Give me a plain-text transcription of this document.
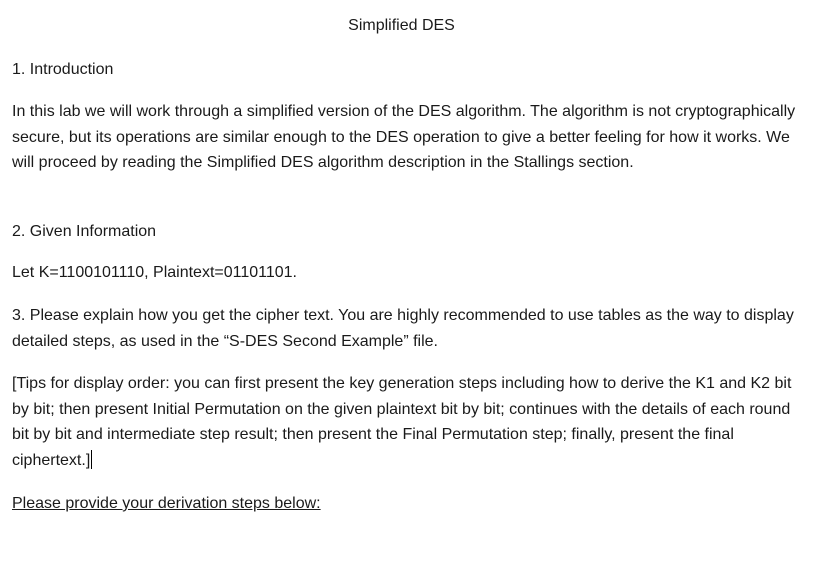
Simplified DES

1. Introduction

In this lab we will work through a simplified version of the DES algorithm. The algorithm is not cryptographically secure, but its operations are similar enough to the DES operation to give a better feeling for how it works. We will proceed by reading the Simplified DES algorithm description in the Stallings section.

2. Given Information

Let K=1100101110, Plaintext=01101101.

3. Please explain how you get the cipher text. You are highly recommended to use tables as the way to display detailed steps, as used in the “S-DES Second Example” file.

[Tips for display order: you can first present the key generation steps including how to derive the K1 and K2 bit by bit; then present Initial Permutation on the given plaintext bit by bit; continues with the details of each round bit by bit and intermediate step result; then present the Final Permutation step; finally, present the final ciphertext.]

Please provide your derivation steps below:
